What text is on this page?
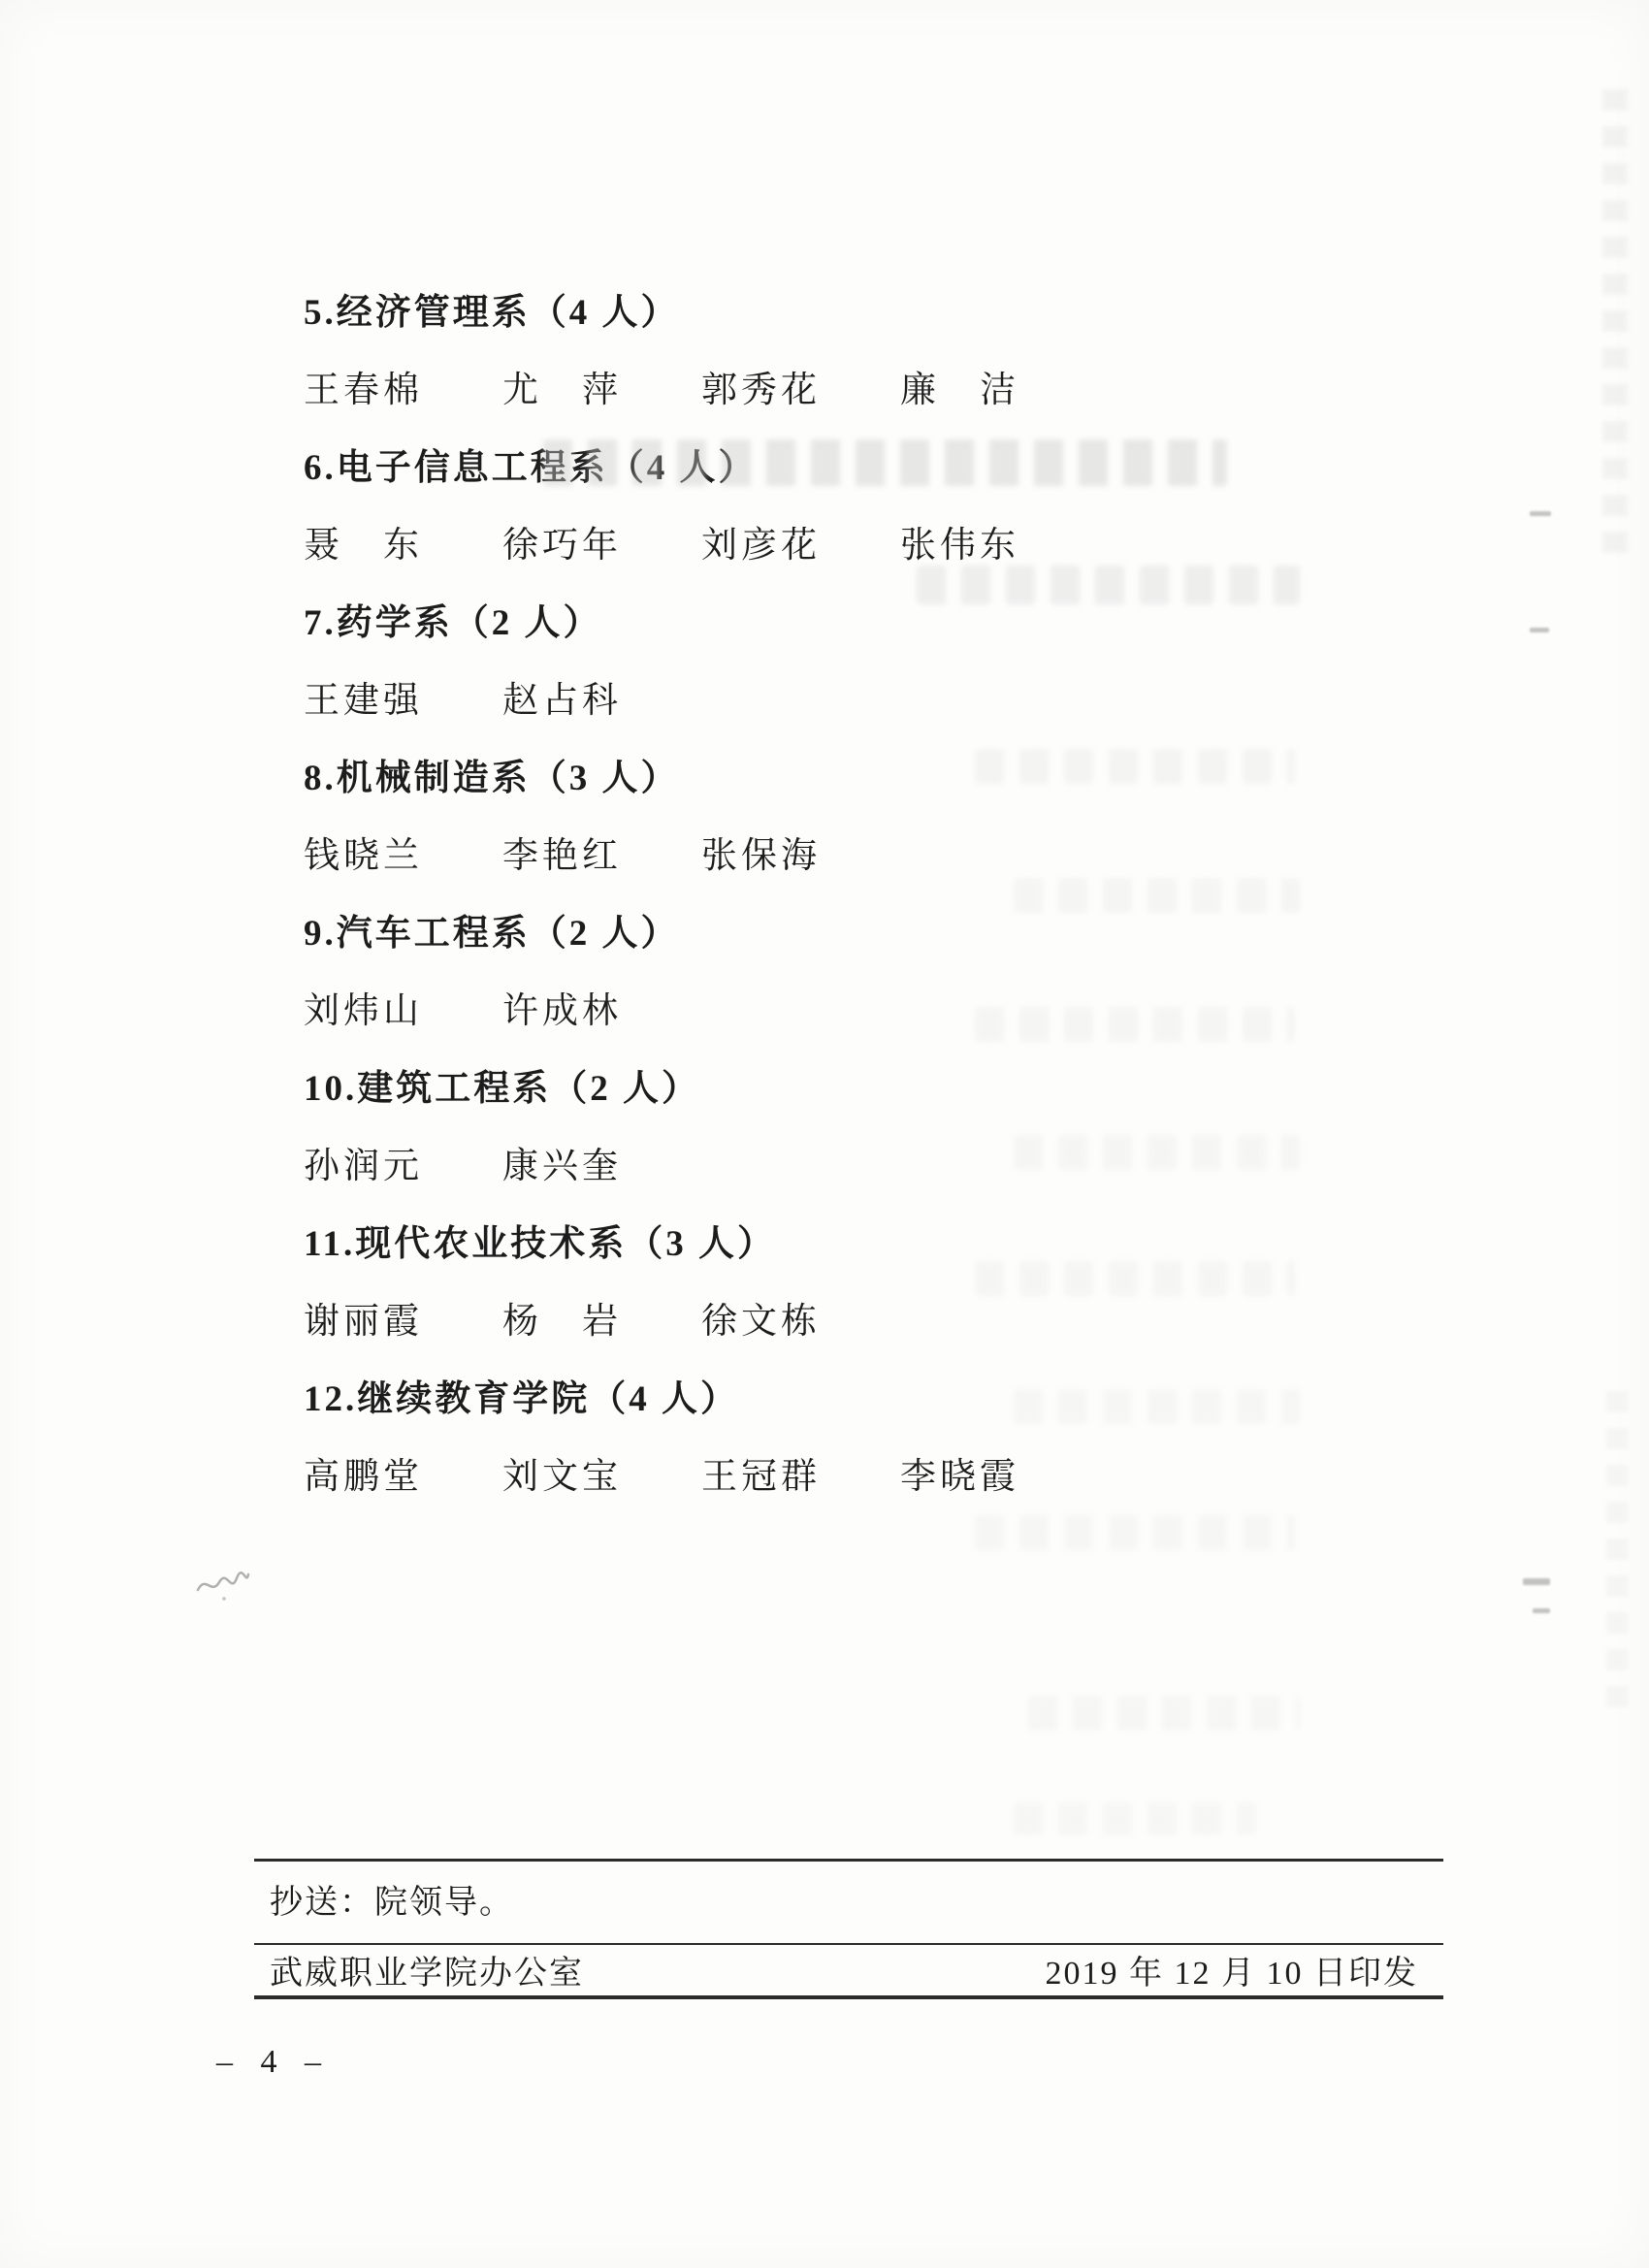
5.经济管理系（4 人）

王春棉　　尤　萍　　郭秀花　　廉　洁

6.电子信息工程系（4 人）

聂　东　　徐巧年　　刘彦花　　张伟东

7.药学系（2 人）

王建强　　赵占科

8.机械制造系（3 人）

钱晓兰　　李艳红　　张保海

9.汽车工程系（2 人）

刘炜山　　许成林

10.建筑工程系（2 人）

孙润元　　康兴奎

11.现代农业技术系（3 人）

谢丽霞　　杨　岩　　徐文栋

12.继续教育学院（4 人）

高鹏堂　　刘文宝　　王冠群　　李晓霞

抄送：院领导。

武威职业学院办公室	2019 年 12 月 10 日印发

– 4 –
